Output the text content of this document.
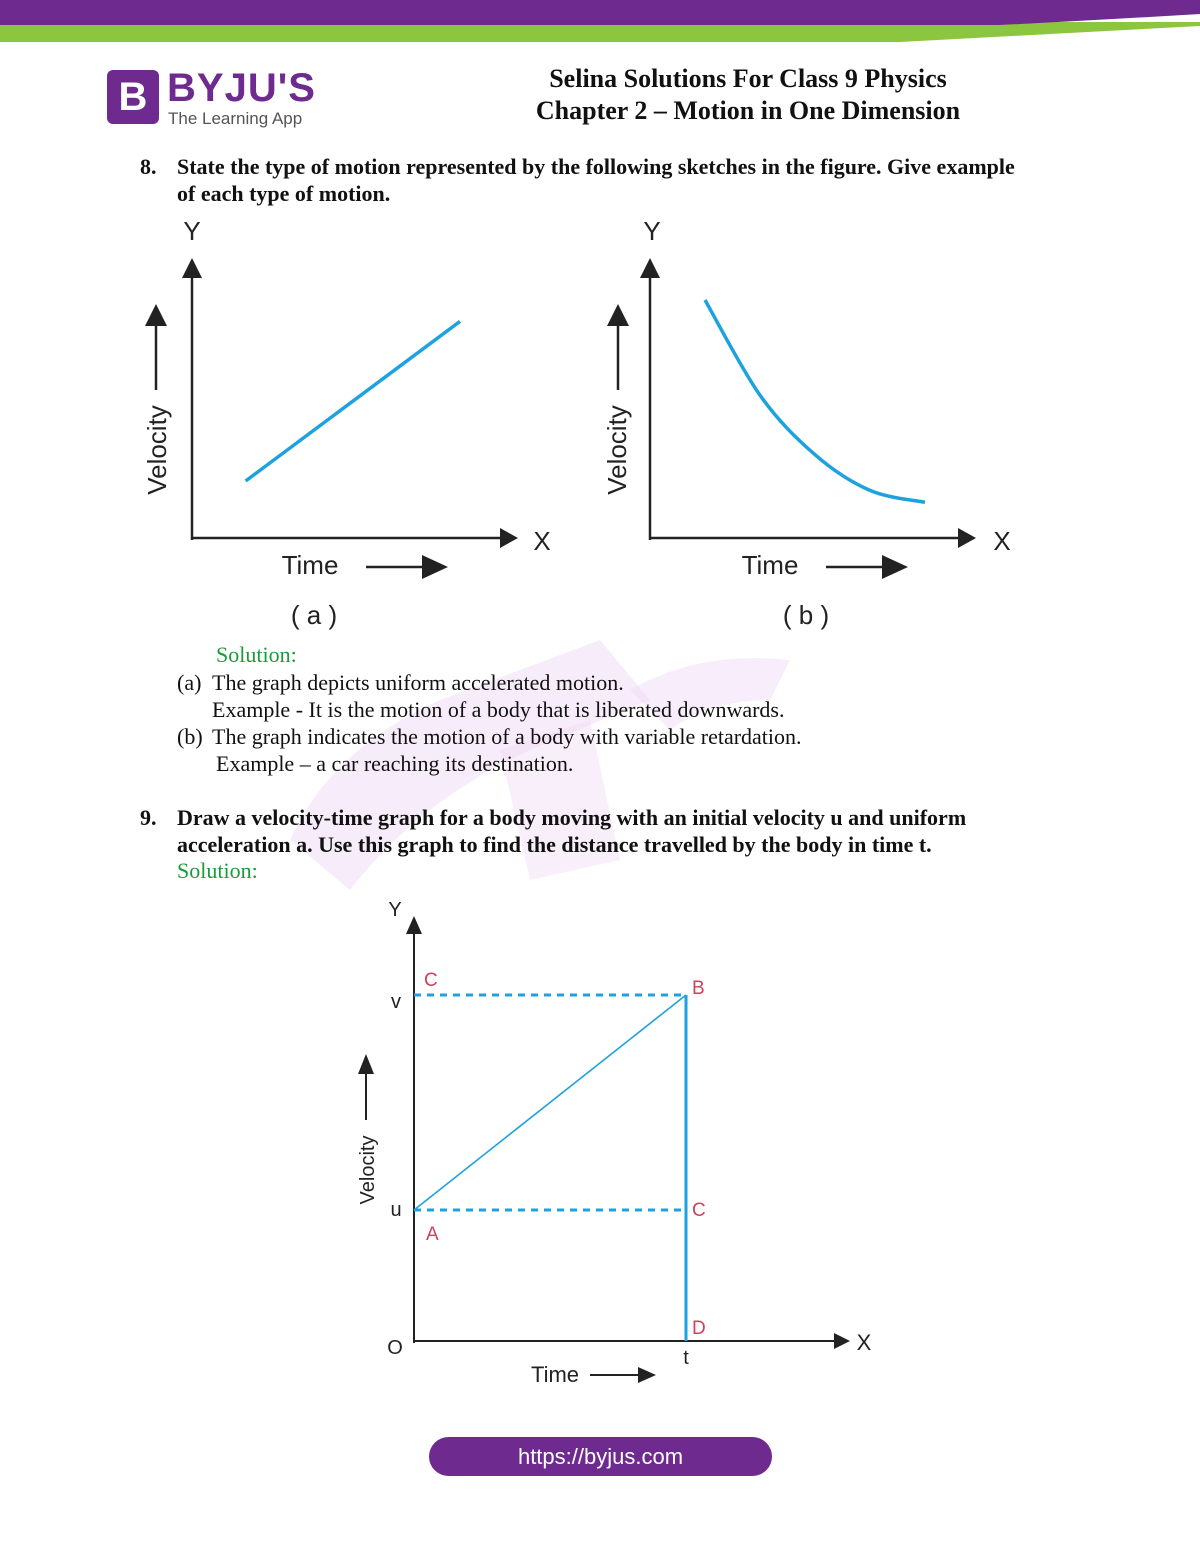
B BYJU'S
The Learning App
Selina Solutions For Class 9 Physics
Chapter 2 – Motion in One Dimension
8. State the type of motion represented by the following sketches in the figure. Give example
of each type of motion.
Y
X
Velocity
Time
( a )
Y
X
Velocity
Time
( b )
Solution:
(a) The graph depicts uniform accelerated motion.
Example - It is the motion of a body that is liberated downwards.
(b) The graph indicates the motion of a body with variable retardation.
Example – a car reaching its destination.
9. Draw a velocity-time graph for a body moving with an initial velocity u and uniform
acceleration a. Use this graph to find the distance travelled by the body in time t.
Solution:
Y
X
O
Velocity
Time
u
v
t
C	B
C
A
D
https://byjus.com
